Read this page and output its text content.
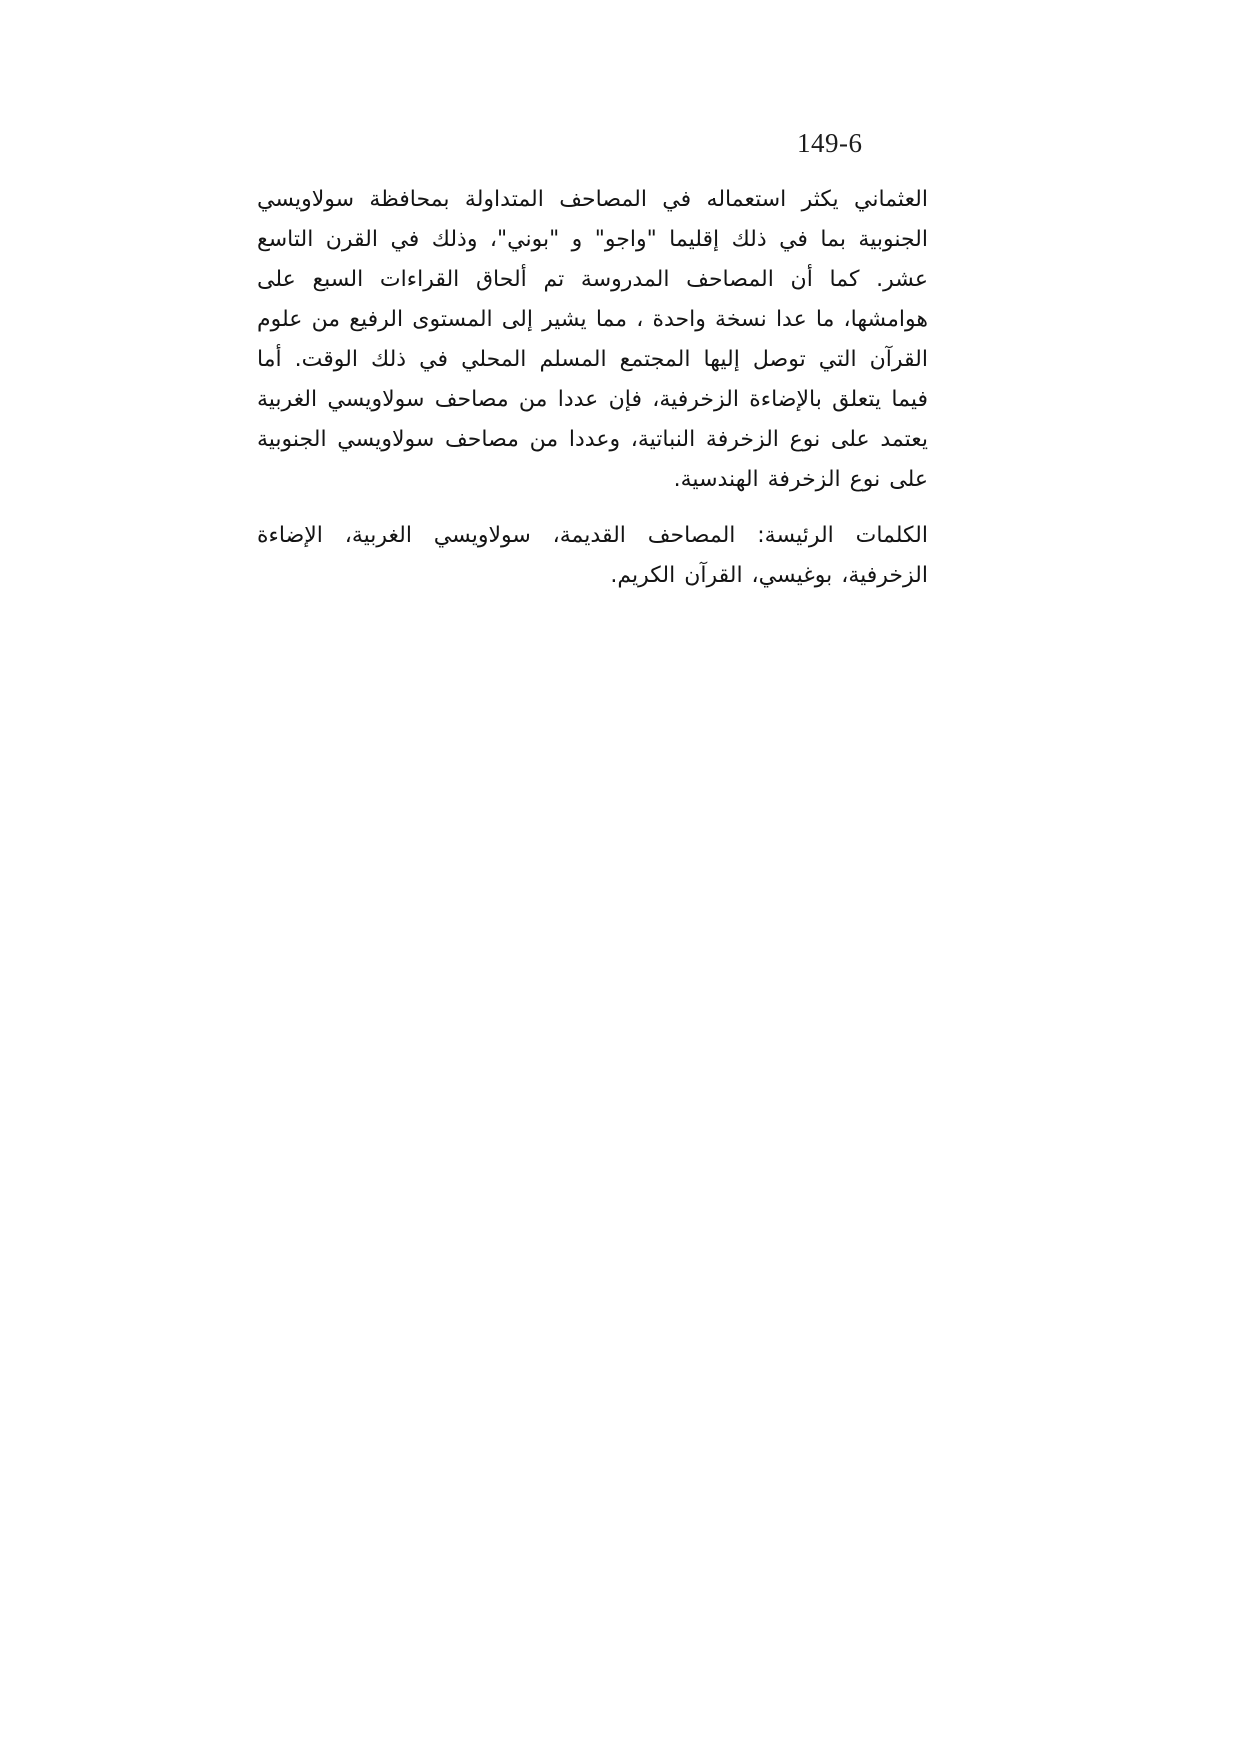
149-6

العثماني يكثر استعماله في المصاحف المتداولة بمحافظة سولاويسي الجنوبية بما في ذلك إقليما "واجو" و "بوني"، وذلك في القرن التاسع عشر. كما أن المصاحف المدروسة تم ألحاق القراءات السبع على هوامشها، ما عدا نسخة واحدة ، مما يشير إلى المستوى الرفيع من علوم القرآن التي توصل إليها المجتمع المسلم المحلي في ذلك الوقت. أما فيما يتعلق بالإضاءة الزخرفية، فإن عددا من مصاحف سولاويسي الغربية يعتمد على نوع الزخرفة النباتية، وعددا من مصاحف سولاويسي الجنوبية على نوع الزخرفة الهندسية.

الكلمات الرئيسة: المصاحف القديمة، سولاويسي الغربية، الإضاءة الزخرفية، بوغيسي، القرآن الكريم.
